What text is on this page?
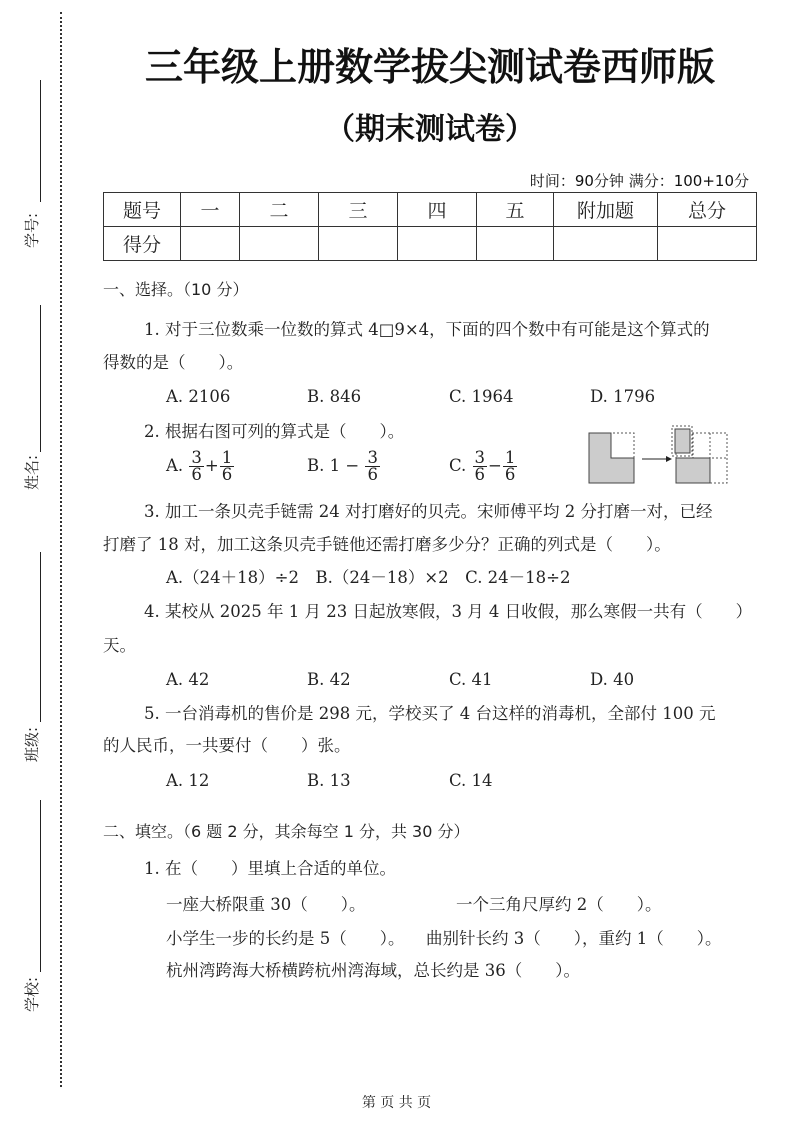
学号:
姓名:
班级:
学校:
三年级上册数学拔尖测试卷西师版
（期末测试卷）
时间：90分钟 满分：100+10分
题号	一	二	三	四	五	附加题	总分
得分							
一、选择。（10 分）
1. 对于三位数乘一位数的算式 4□9×4，下面的四个数中有可能是这个算式的
得数的是（　　）。
A. 2106	B. 846	C. 1964	D. 1796
2. 根据右图可列的算式是（　　）。
A. $\frac{3}{6} + \frac{1}{6}$	B. $1 - \frac{3}{6}$	C. $\frac{3}{6} - \frac{1}{6}$
3. 加工一条贝壳手链需 24 对打磨好的贝壳。宋师傅平均 2 分打磨一对，已经
打磨了 18 对，加工这条贝壳手链他还需打磨多少分？正确的列式是（　　）。
A.（24＋18）÷2　B.（24－18）×2　C. 24－18÷2
4. 某校从 2025 年 1 月 23 日起放寒假，3 月 4 日收假，那么寒假一共有（　　）
天。
A. 42	B. 42	C. 41	D. 40
5. 一台消毒机的售价是 298 元，学校买了 4 台这样的消毒机，全部付 100 元
的人民币，一共要付（　　）张。
A. 12	B. 13	C. 14
二、填空。（6 题 2 分，其余每空 1 分，共 30 分）
1. 在（　　）里填上合适的单位。
一座大桥限重 30（　　）。	一个三角尺厚约 2（　　）。
小学生一步的长约是 5（　　）。 曲别针长约 3（　　），重约 1（　　）。
杭州湾跨海大桥横跨杭州湾海域，总长约是 36（　　）。
第 页 共 页
